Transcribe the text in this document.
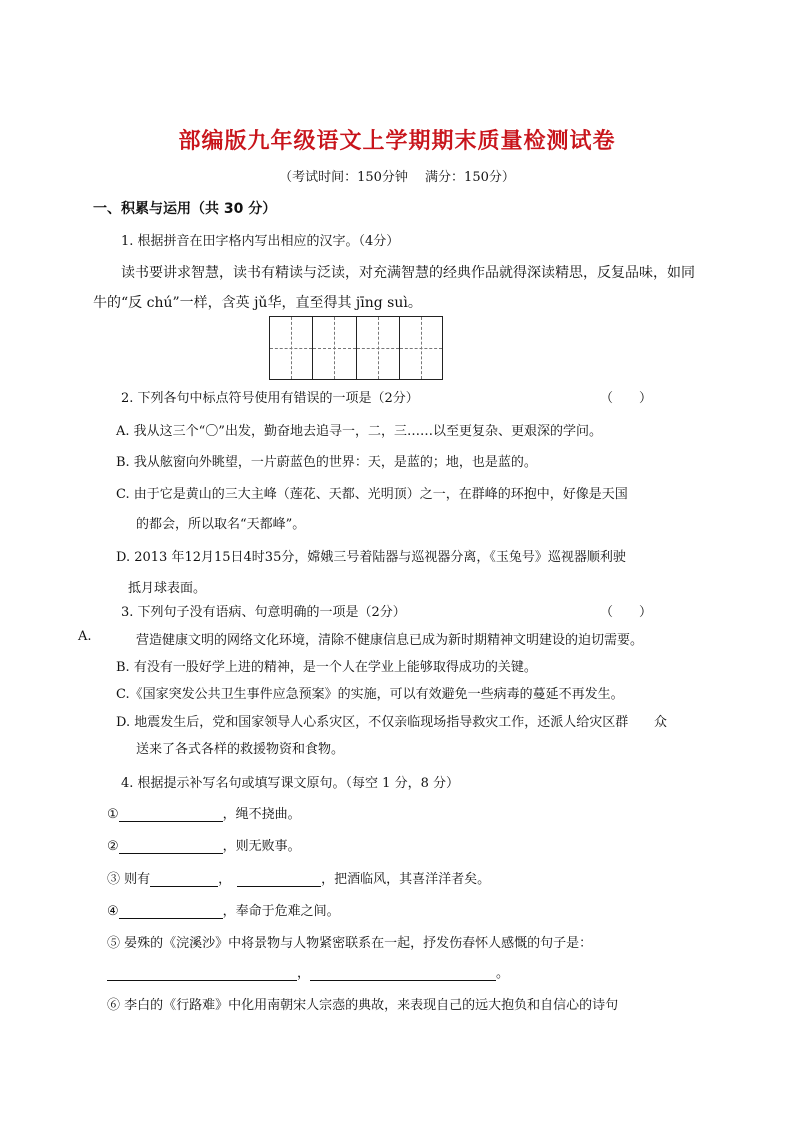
部编版九年级语文上学期期末质量检测试卷
（考试时间：150分钟　 满分：150分）
一、积累与运用（共 30 分）
1. 根据拼音在田字格内写出相应的汉字。（4分）
读书要讲求智慧，读书有精读与泛读，对充满智慧的经典作品就得深读精思，反复品味，如同
牛的“反 chú”一样，含英 jǔ华，直至得其 jīng suì。
2. 下列各句中标点符号使用有错误的一项是（2分）	（　　）
A. 我从这三个“〇”出发，勤奋地去追寻一，二，三……以至更复杂、更艰深的学问。
B. 我从舷窗向外眺望，一片蔚蓝色的世界：天，是蓝的；地，也是蓝的。
C. 由于它是黄山的三大主峰（莲花、天都、光明顶）之一，在群峰的环抱中，好像是天国
的都会，所以取名“天都峰”。
D. 2013 年12月15日4时35分，嫦娥三号着陆器与巡视器分离，《玉兔号》巡视器顺利驶
抵月球表面。
3. 下列句子没有语病、句意明确的一项是（2分）	（　　）
A.	营造健康文明的网络文化环境，清除不健康信息已成为新时期精神文明建设的迫切需要。
B. 有没有一股好学上进的精神，是一个人在学业上能够取得成功的关键。
C.《国家突发公共卫生事件应急预案》的实施，可以有效避免一些病毒的蔓延不再发生。
D. 地震发生后，党和国家领导人心系灾区，不仅亲临现场指导救灾工作，还派人给灾区群 众
送来了各式各样的救援物资和食物。
4. 根据提示补写名句或填写课文原句。（每空 1 分，8 分）
①	，绳不挠曲。
②	，则无败事。
③ 则有	，	，把酒临风，其喜洋洋者矣。
④	，奉命于危难之间。
⑤ 晏殊的《浣溪沙》中将景物与人物紧密联系在一起，抒发伤春怀人感慨的句子是：
，	。
⑥ 李白的《行路难》中化用南朝宋人宗悫的典故，来表现自己的远大抱负和自信心的诗句
